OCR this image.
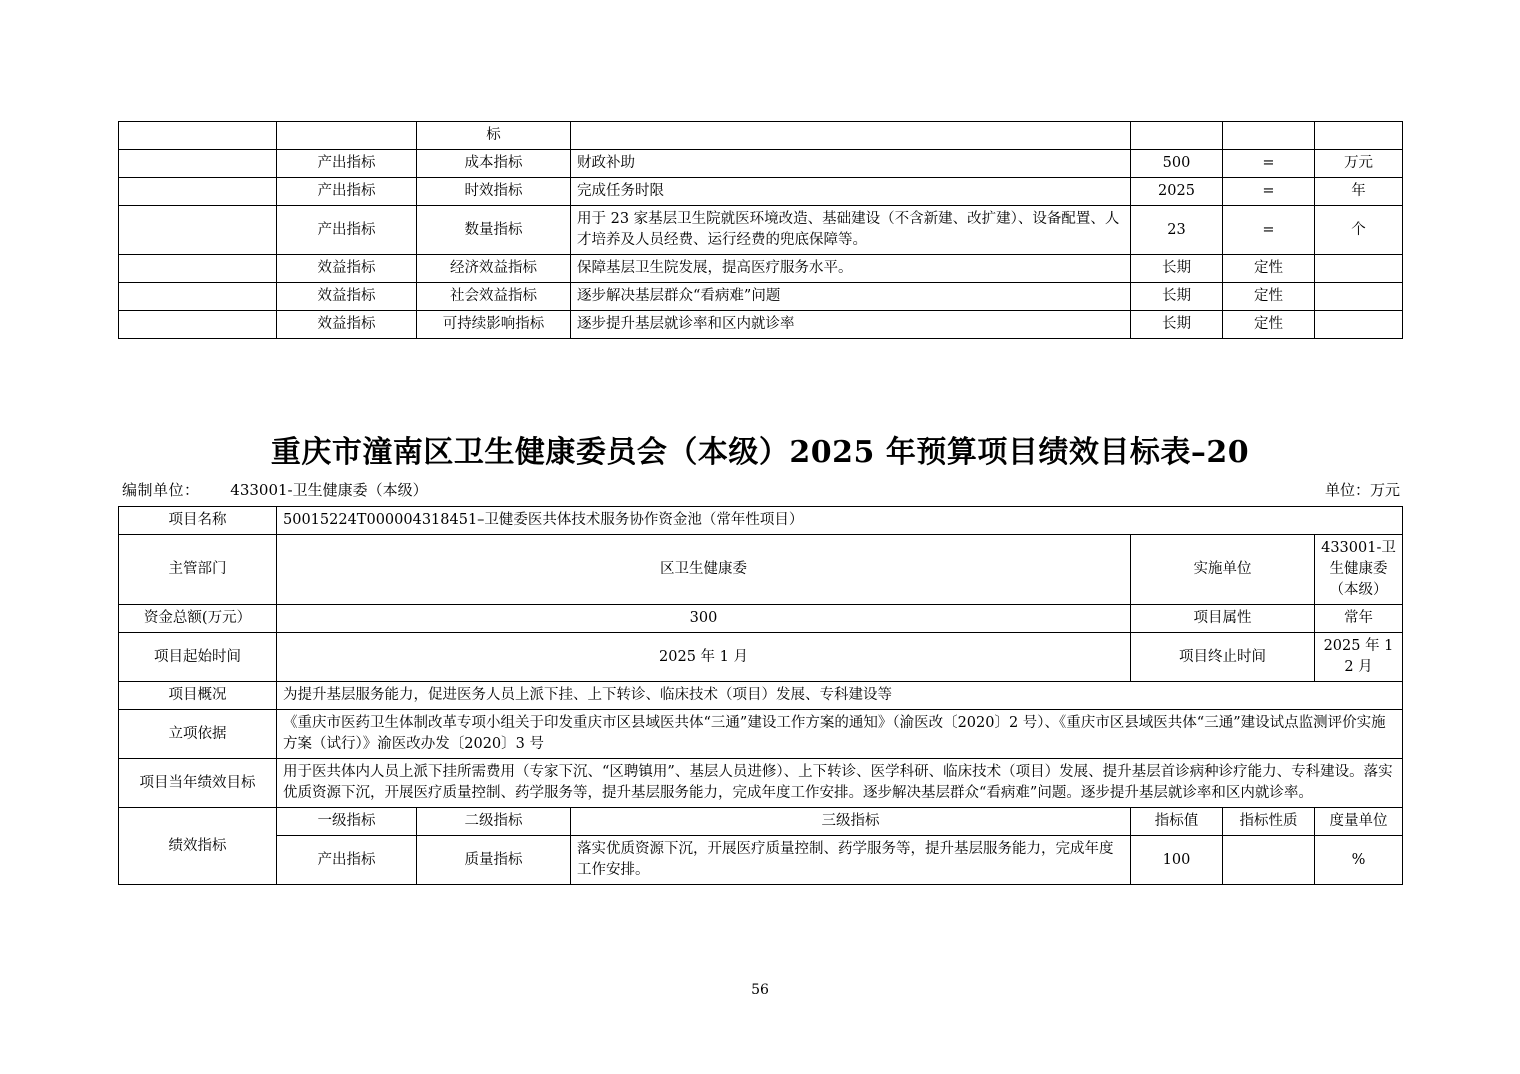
		标				
	产出指标	成本指标	财政补助	500	=	万元
	产出指标	时效指标	完成任务时限	2025	=	年
	产出指标	数量指标	用于 23 家基层卫生院就医环境改造、基础建设（不含新建、改扩建）、设备配置、人才培养及人员经费、运行经费的兜底保障等。	23	=	个
	效益指标	经济效益指标	保障基层卫生院发展，提高医疗服务水平。	长期	定性	
	效益指标	社会效益指标	逐步解决基层群众“看病难”问题	长期	定性	
	效益指标	可持续影响指标	逐步提升基层就诊率和区内就诊率	长期	定性	
重庆市潼南区卫生健康委员会（本级）2025 年预算项目绩效目标表–20
编制单位： 433001-卫生健康委（本级）	单位：万元
项目名称	50015224T000004318451–卫健委医共体技术服务协作资金池（常年性项目）					
主管部门	区卫生健康委			实施单位		433001-卫生健康委（本级）
资金总额(万元）	300			项目属性		常年
项目起始时间	2025 年 1 月			项目终止时间		2025 年 12 月
项目概况	为提升基层服务能力，促进医务人员上派下挂、上下转诊、临床技术（项目）发展、专科建设等					
立项依据	《重庆市医药卫生体制改革专项小组关于印发重庆市区县域医共体“三通”建设工作方案的通知》（渝医改〔2020〕2 号）、《重庆市区县域医共体“三通”建设试点监测评价实施方案（试行）》渝医改办发〔2020〕3 号					
项目当年绩效目标	用于医共体内人员上派下挂所需费用（专家下沉、“区聘镇用”、基层人员进修）、上下转诊、医学科研、临床技术（项目）发展、提升基层首诊病种诊疗能力、专科建设。落实优质资源下沉，开展医疗质量控制、药学服务等，提升基层服务能力，完成年度工作安排。逐步解决基层群众“看病难”问题。逐步提升基层就诊率和区内就诊率。					
绩效指标	一级指标	二级指标	三级指标	指标值	指标性质	度量单位
	产出指标	质量指标	落实优质资源下沉，开展医疗质量控制、药学服务等，提升基层服务能力，完成年度工作安排。	100		%
56
